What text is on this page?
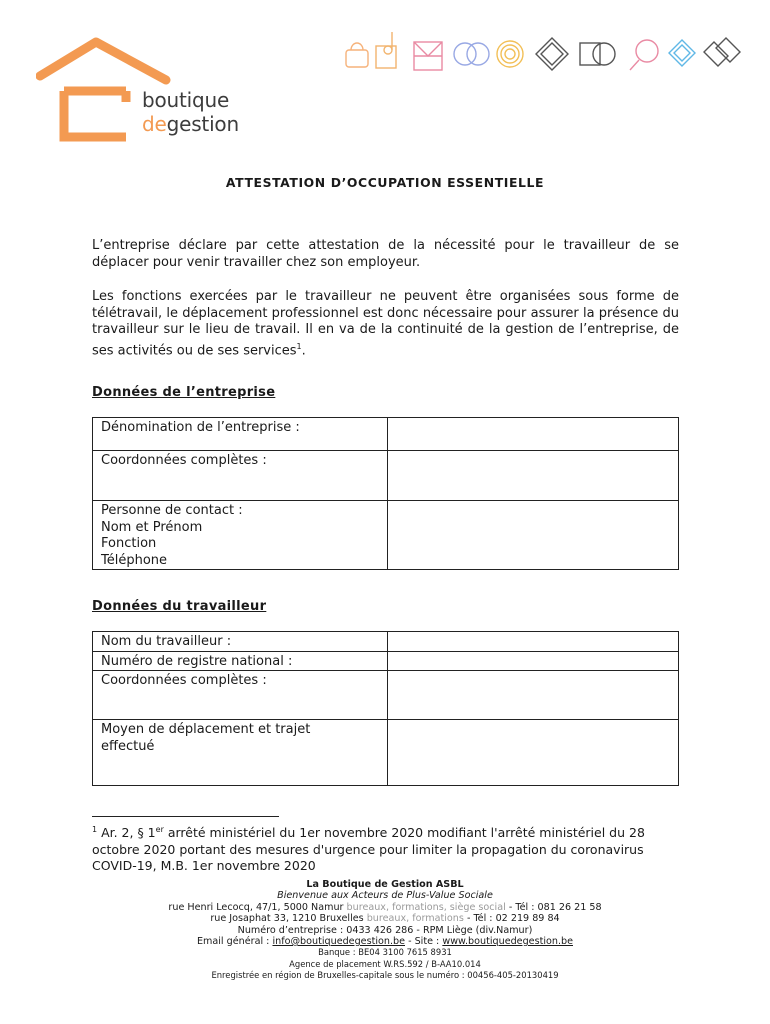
boutique
degestion
ATTESTATION D’OCCUPATION ESSENTIELLE
L’entreprise déclare par cette attestation de la nécessité pour le travailleur de se déplacer pour venir travailler chez son employeur.
Les fonctions exercées par le travailleur ne peuvent être organisées sous forme de télétravail, le déplacement professionnel est donc nécessaire pour assurer la présence du travailleur sur le lieu de travail. Il en va de la continuité de la gestion de l’entreprise, de ses activités ou de ses services$^1$.
Données de l’entreprise
Dénomination de l’entreprise :	
Coordonnées complètes :	

Personne de contact :
Nom et Prénom
Fonction
Téléphone	

Données du travailleur
Nom du travailleur :	
Numéro de registre national :	
Coordonnées complètes :	

Moyen de déplacement et trajet
effectué	

$^1$ Ar. 2, § 1er arrêté ministériel du 1er novembre 2020 modifiant l'arrêté ministériel du 28 octobre 2020 portant des mesures d'urgence pour limiter la propagation du coronavirus COVID-19, M.B. 1er novembre 2020
La Boutique de Gestion ASBL
Bienvenue aux Acteurs de Plus-Value Sociale
rue Henri Lecocq, 47/1, 5000 Namur bureaux, formations, siège social - Tél : 081 26 21 58
rue Josaphat 33, 1210 Bruxelles bureaux, formations - Tél : 02 219 89 84
Numéro d’entreprise : 0433 426 286 - RPM Liège (div.Namur)
Email général : info@boutiquedegestion.be - Site : www.boutiquedegestion.be
Banque : BE04 3100 7615 8931
Agence de placement W.RS.592 / B-AA10.014
Enregistrée en région de Bruxelles-capitale sous le numéro : 00456-405-20130419
